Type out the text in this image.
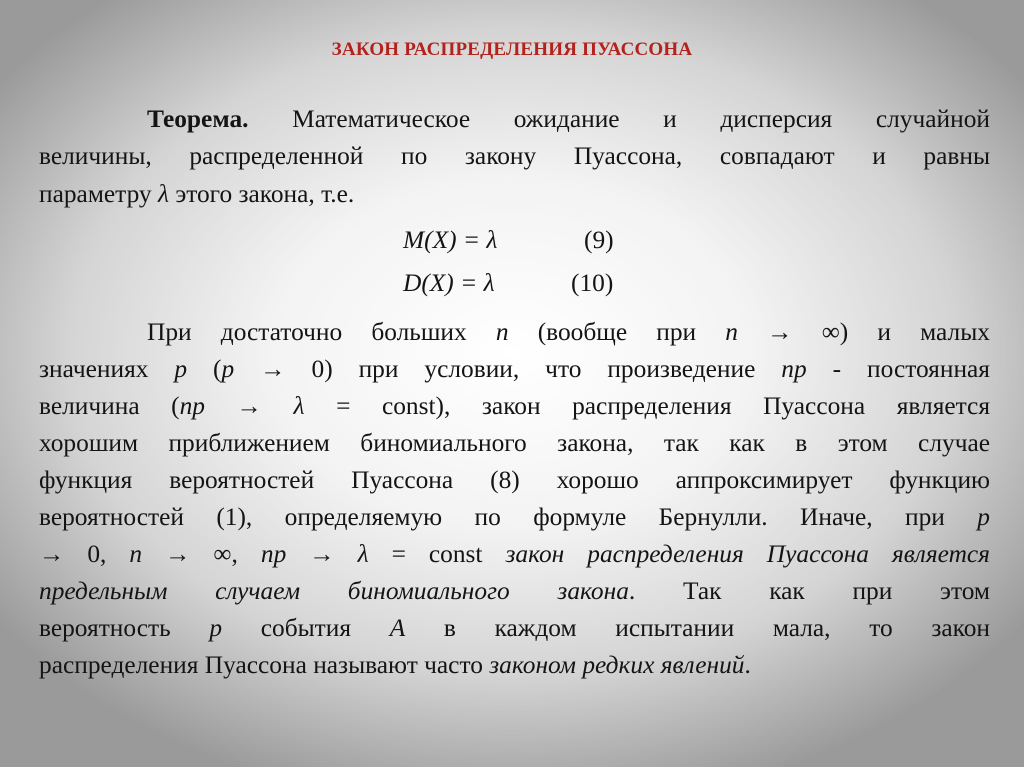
ЗАКОН РАСПРЕДЕЛЕНИЯ ПУАССОНА
Теорема. Математическое ожидание и дисперсия случайной
величины, распределенной по закону Пуассона, совпадают и равны
параметру λ этого закона, т.е.
M(X) = λ	(9)
D(X) = λ	(10)
При достаточно больших n (вообще при n → ∞) и малых
значениях p (p → 0) при условии, что произведение np - постоянная
величина (np → λ = const), закон распределения Пуассона является
хорошим приближением биномиального закона, так как в этом случае
функция вероятностей Пуассона (8) хорошо аппроксимирует функцию
вероятностей (1), определяемую по формуле Бернулли. Иначе, при p
→ 0, n → ∞, np → λ = const закон распределения Пуассона является
предельным случаем биномиального закона. Так как при этом
вероятность p события A в каждом испытании мала, то закон
распределения Пуассона называют часто законом редких явлений.
